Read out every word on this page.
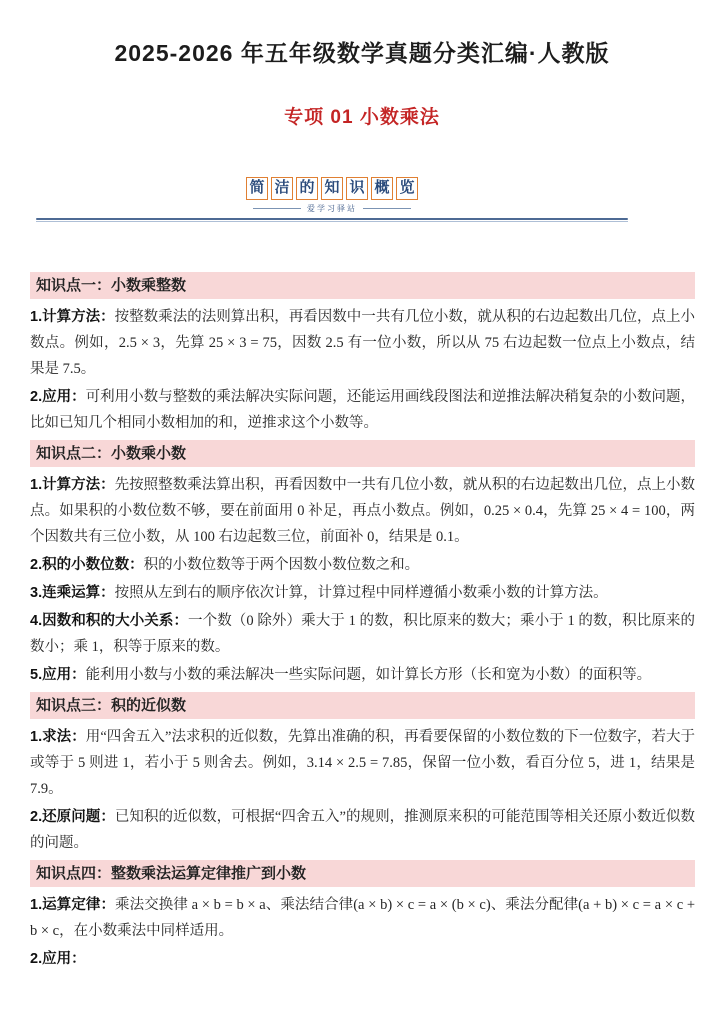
2025-2026 年五年级数学真题分类汇编·人教版
专项 01 小数乘法
简 洁 的 知 识 概 览
爱学习驿站
知识点一：小数乘整数

1.计算方法：按整数乘法的法则算出积，再看因数中一共有几位小数，就从积的右边起数出几位，点上小数点。例如，2.5 × 3，先算 25 × 3 = 75，因数 2.5 有一位小数，所以从 75 右边起数一位点上小数点，结果是 7.5。

2.应用：可利用小数与整数的乘法解决实际问题，还能运用画线段图法和逆推法解决稍复杂的小数问题，比如已知几个相同小数相加的和，逆推求这个小数等。

知识点二：小数乘小数

1.计算方法：先按照整数乘法算出积，再看因数中一共有几位小数，就从积的右边起数出几位，点上小数点。如果积的小数位数不够，要在前面用 0 补足，再点小数点。例如，0.25 × 0.4，先算 25 × 4 = 100，两个因数共有三位小数，从 100 右边起数三位，前面补 0，结果是 0.1。

2.积的小数位数：积的小数位数等于两个因数小数位数之和。

3.连乘运算：按照从左到右的顺序依次计算，计算过程中同样遵循小数乘小数的计算方法。

4.因数和积的大小关系：一个数（0 除外）乘大于 1 的数，积比原来的数大；乘小于 1 的数，积比原来的数小；乘 1，积等于原来的数。

5.应用：能利用小数与小数的乘法解决一些实际问题，如计算长方形（长和宽为小数）的面积等。

知识点三：积的近似数

1.求法：用“四舍五入”法求积的近似数，先算出准确的积，再看要保留的小数位数的下一位数字，若大于或等于 5 则进 1，若小于 5 则舍去。例如，3.14 × 2.5 = 7.85，保留一位小数，看百分位 5，进 1，结果是 7.9。

2.还原问题：已知积的近似数，可根据“四舍五入”的规则，推测原来积的可能范围等相关还原小数近似数的问题。

知识点四：整数乘法运算定律推广到小数

1.运算定律：乘法交换律 a × b = b × a、乘法结合律(a × b) × c = a × (b × c)、乘法分配律(a + b) × c = a × c + b × c，在小数乘法中同样适用。

2.应用：
